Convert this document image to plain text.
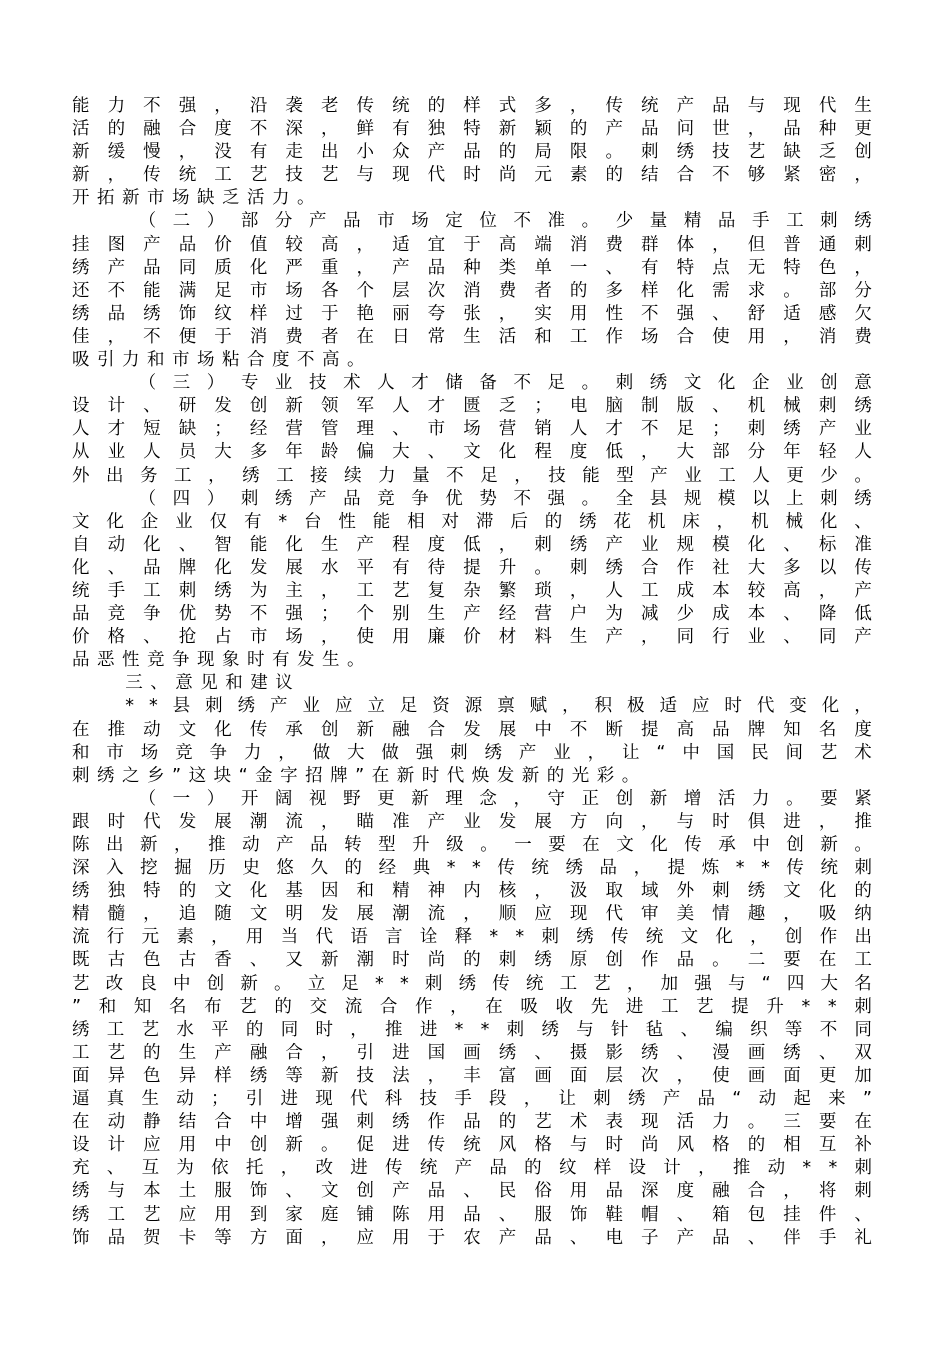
能 力 不 强 ， 沿 袭 老 传 统 的 样 式 多 ， 传 统 产 品 与 现 代 生
活 的 融 合 度 不 深 ， 鲜 有 独 特 新 颖 的 产 品 问 世 ， 品 种 更
新 缓 慢 ， 没 有 走 出 小 众 产 品 的 局 限 。 刺 绣 技 艺 缺 乏 创
新 ， 传 统 工 艺 技 艺 与 现 代 时 尚 元 素 的 结 合 不 够 紧 密 ，
开 拓 新 市 场 缺 乏 活 力 。
（ 二 ） 部 分 产 品 市 场 定 位 不 准 。 少 量 精 品 手 工 刺 绣
挂 图 产 品 价 值 较 高 ， 适 宜 于 高 端 消 费 群 体 ， 但 普 通 刺
绣 产 品 同 质 化 严 重 ， 产 品 种 类 单 一 、 有 特 点 无 特 色 ，
还 不 能 满 足 市 场 各 个 层 次 消 费 者 的 多 样 化 需 求 。 部 分
绣 品 绣 饰 纹 样 过 于 艳 丽 夸 张 ， 实 用 性 不 强 、 舒 适 感 欠
佳 ， 不 便 于 消 费 者 在 日 常 生 活 和 工 作 场 合 使 用 ， 消 费
吸 引 力 和 市 场 粘 合 度 不 高 。
（ 三 ） 专 业 技 术 人 才 储 备 不 足 。 刺 绣 文 化 企 业 创 意
设 计 、 研 发 创 新 领 军 人 才 匮 乏 ； 电 脑 制 版 、 机 械 刺 绣
人 才 短 缺 ； 经 营 管 理 、 市 场 营 销 人 才 不 足 ； 刺 绣 产 业
从 业 人 员 大 多 年 龄 偏 大 、 文 化 程 度 低 ， 大 部 分 年 轻 人
外 出 务 工 ， 绣 工 接 续 力 量 不 足 ， 技 能 型 产 业 工 人 更 少 。
（ 四 ） 刺 绣 产 品 竞 争 优 势 不 强 。 全 县 规 模 以 上 刺 绣
文 化 企 业 仅 有 * 台 性 能 相 对 滞 后 的 绣 花 机 床 ， 机 械 化 、
自 动 化 、 智 能 化 生 产 程 度 低 ， 刺 绣 产 业 规 模 化 、 标 准
化 、 品 牌 化 发 展 水 平 有 待 提 升 。 刺 绣 合 作 社 大 多 以 传
统 手 工 刺 绣 为 主 ， 工 艺 复 杂 繁 琐 ， 人 工 成 本 较 高 ， 产
品 竞 争 优 势 不 强 ； 个 别 生 产 经 营 户 为 减 少 成 本 、 降 低
价 格 、 抢 占 市 场 ， 使 用 廉 价 材 料 生 产 ， 同 行 业 、 同 产
品 恶 性 竞 争 现 象 时 有 发 生 。
三 、 意 见 和 建 议
* * 县 刺 绣 产 业 应 立 足 资 源 禀 赋 ， 积 极 适 应 时 代 变 化 ，
在 推 动 文 化 传 承 创 新 融 合 发 展 中 不 断 提 高 品 牌 知 名 度
和 市 场 竞 争 力 ， 做 大 做 强 刺 绣 产 业 ， 让 “ 中 国 民 间 艺 术
刺 绣 之 乡 ” 这 块 “ 金 字 招 牌 ” 在 新 时 代 焕 发 新 的 光 彩 。
（ 一 ） 开 阔 视 野 更 新 理 念 ， 守 正 创 新 增 活 力 。 要 紧
跟 时 代 发 展 潮 流 ， 瞄 准 产 业 发 展 方 向 ， 与 时 俱 进 ， 推
陈 出 新 ， 推 动 产 品 转 型 升 级 。 一 要 在 文 化 传 承 中 创 新 。
深 入 挖 掘 历 史 悠 久 的 经 典 * * 传 统 绣 品 ， 提 炼 * * 传 统 刺
绣 独 特 的 文 化 基 因 和 精 神 内 核 ， 汲 取 域 外 刺 绣 文 化 的
精 髓 ， 追 随 文 明 发 展 潮 流 ， 顺 应 现 代 审 美 情 趣 ， 吸 纳
流 行 元 素 ， 用 当 代 语 言 诠 释 * * 刺 绣 传 统 文 化 ， 创 作 出
既 古 色 古 香 、 又 新 潮 时 尚 的 刺 绣 原 创 作 品 。 二 要 在 工
艺 改 良 中 创 新 。 立 足 * * 刺 绣 传 统 工 艺 ， 加 强 与 “ 四 大 名
” 和 知 名 布 艺 的 交 流 合 作 ， 在 吸 收 先 进 工 艺 提 升 * * 刺
绣 工 艺 水 平 的 同 时 ， 推 进 * * 刺 绣 与 针 毡 、 编 织 等 不 同
工 艺 的 生 产 融 合 ， 引 进 国 画 绣 、 摄 影 绣 、 漫 画 绣 、 双
面 异 色 异 样 绣 等 新 技 法 ， 丰 富 画 面 层 次 ， 使 画 面 更 加
逼 真 生 动 ； 引 进 现 代 科 技 手 段 ， 让 刺 绣 产 品 “ 动 起 来 ”
在 动 静 结 合 中 增 强 刺 绣 作 品 的 艺 术 表 现 活 力 。 三 要 在
设 计 应 用 中 创 新 。 促 进 传 统 风 格 与 时 尚 风 格 的 相 互 补
充 、 互 为 依 托 ， 改 进 传 统 产 品 的 纹 样 设 计 ， 推 动 * * 刺
绣 与 本 土 服 饰 、 文 创 产 品 、 民 俗 用 品 深 度 融 合 ， 将 刺
绣 工 艺 应 用 到 家 庭 铺 陈 用 品 、 服 饰 鞋 帽 、 箱 包 挂 件 、
饰 品 贺 卡 等 方 面 ， 应 用 于 农 产 品 、 电 子 产 品 、 伴 手 礼
